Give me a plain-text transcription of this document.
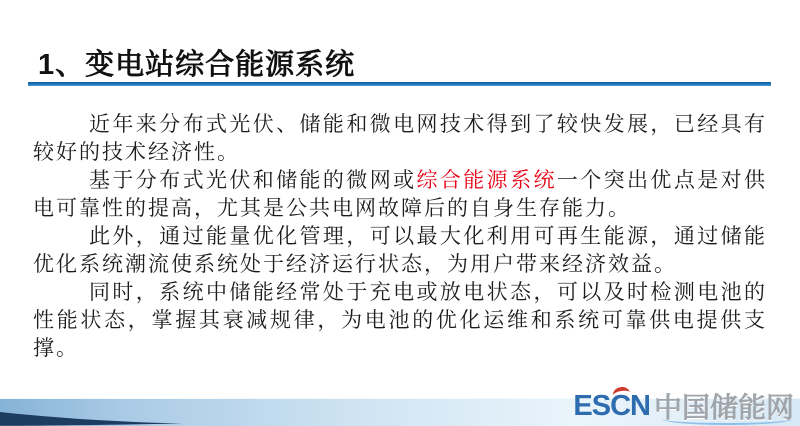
1、变电站综合能源系统

近年来分布式光伏、储能和微电网技术得到了较快发展，已经具有较好的技术经济性。

基于分布式光伏和储能的微网或综合能源系统一个突出优点是对供电可靠性的提高，尤其是公共电网故障后的自身生存能力。

此外，通过能量优化管理，可以最大化利用可再生能源，通过储能优化系统潮流使系统处于经济运行状态，为用户带来经济效益。

同时，系统中储能经常处于充电或放电状态，可以及时检测电池的性能状态，掌握其衰减规律，为电池的优化运维和系统可靠供电提供支撑。

ESCN 中国储能网
